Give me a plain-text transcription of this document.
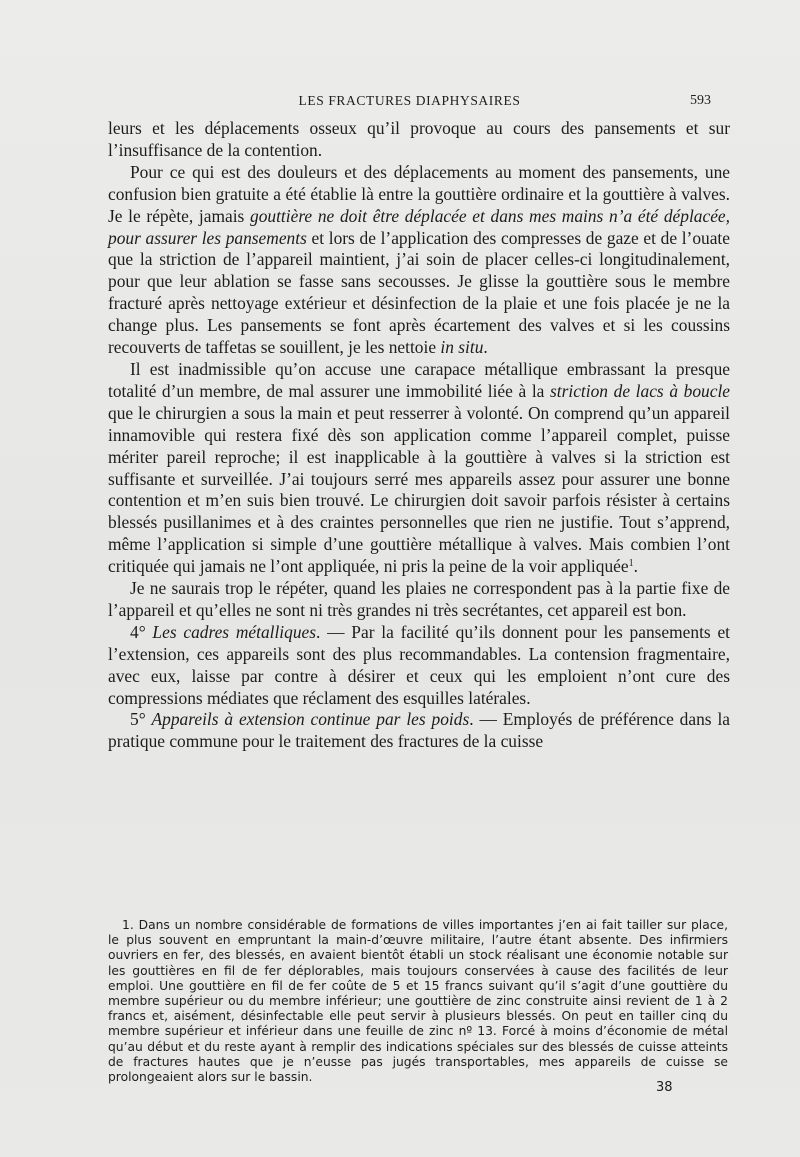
LES FRACTURES DIAPHYSAIRES	593

leurs et les déplacements osseux qu’il provoque au cours des pansements et sur l’insuffisance de la contention.

Pour ce qui est des douleurs et des déplacements au moment des pansements, une confusion bien gratuite a été établie là entre la gouttière ordinaire et la gouttière à valves. Je le répète, jamais gouttière ne doit être déplacée et dans mes mains n’a été déplacée, pour assurer les pansements et lors de l’application des compresses de gaze et de l’ouate que la striction de l’appareil maintient, j’ai soin de placer celles-ci longitudinalement, pour que leur ablation se fasse sans secousses. Je glisse la gouttière sous le membre fracturé après nettoyage extérieur et désinfection de la plaie et une fois placée je ne la change plus. Les pansements se font après écartement des valves et si les coussins recouverts de taffetas se souillent, je les nettoie in situ.

Il est inadmissible qu’on accuse une carapace métallique embrassant la presque totalité d’un membre, de mal assurer une immobilité liée à la striction de lacs à boucle que le chirurgien a sous la main et peut resserrer à volonté. On comprend qu’un appareil innamovible qui restera fixé dès son application comme l’appareil complet, puisse mériter pareil reproche; il est inapplicable à la gouttière à valves si la striction est suffisante et surveillée. J’ai toujours serré mes appareils assez pour assurer une bonne contention et m’en suis bien trouvé. Le chirurgien doit savoir parfois résister à certains blessés pusillanimes et à des craintes personnelles que rien ne justifie. Tout s’apprend, même l’application si simple d’une gouttière métallique à valves. Mais combien l’ont critiquée qui jamais ne l’ont appliquée, ni pris la peine de la voir appliquée$^1$.

Je ne saurais trop le répéter, quand les plaies ne correspondent pas à la partie fixe de l’appareil et qu’elles ne sont ni très grandes ni très secrétantes, cet appareil est bon.

4° Les cadres métalliques. — Par la facilité qu’ils donnent pour les pansements et l’extension, ces appareils sont des plus recommandables. La contension fragmentaire, avec eux, laisse par contre à désirer et ceux qui les emploient n’ont cure des compressions médiates que réclament des esquilles latérales.

5° Appareils à extension continue par les poids. — Employés de préférence dans la pratique commune pour le traitement des fractures de la cuisse

1. Dans un nombre considérable de formations de villes importantes j’en ai fait tailler sur place, le plus souvent en empruntant la main-d’œuvre militaire, l’autre étant absente. Des infirmiers ouvriers en fer, des blessés, en avaient bientôt établi un stock réalisant une économie notable sur les gouttières en fil de fer déplorables, mais toujours conservées à cause des facilités de leur emploi. Une gouttière en fil de fer coûte de 5 et 15 francs suivant qu’il s’agit d’une gouttière du membre supérieur ou du membre inférieur; une gouttière de zinc construite ainsi revient de 1 à 2 francs et, aisément, désinfectable elle peut servir à plusieurs blessés. On peut en tailler cinq du membre supérieur et inférieur dans une feuille de zinc nº 13. Forcé à moins d’économie de métal qu’au début et du reste ayant à remplir des indications spéciales sur des blessés de cuisse atteints de fractures hautes que je n’eusse pas jugés transportables, mes appareils de cuisse se prolongeaient alors sur le bassin.

38
